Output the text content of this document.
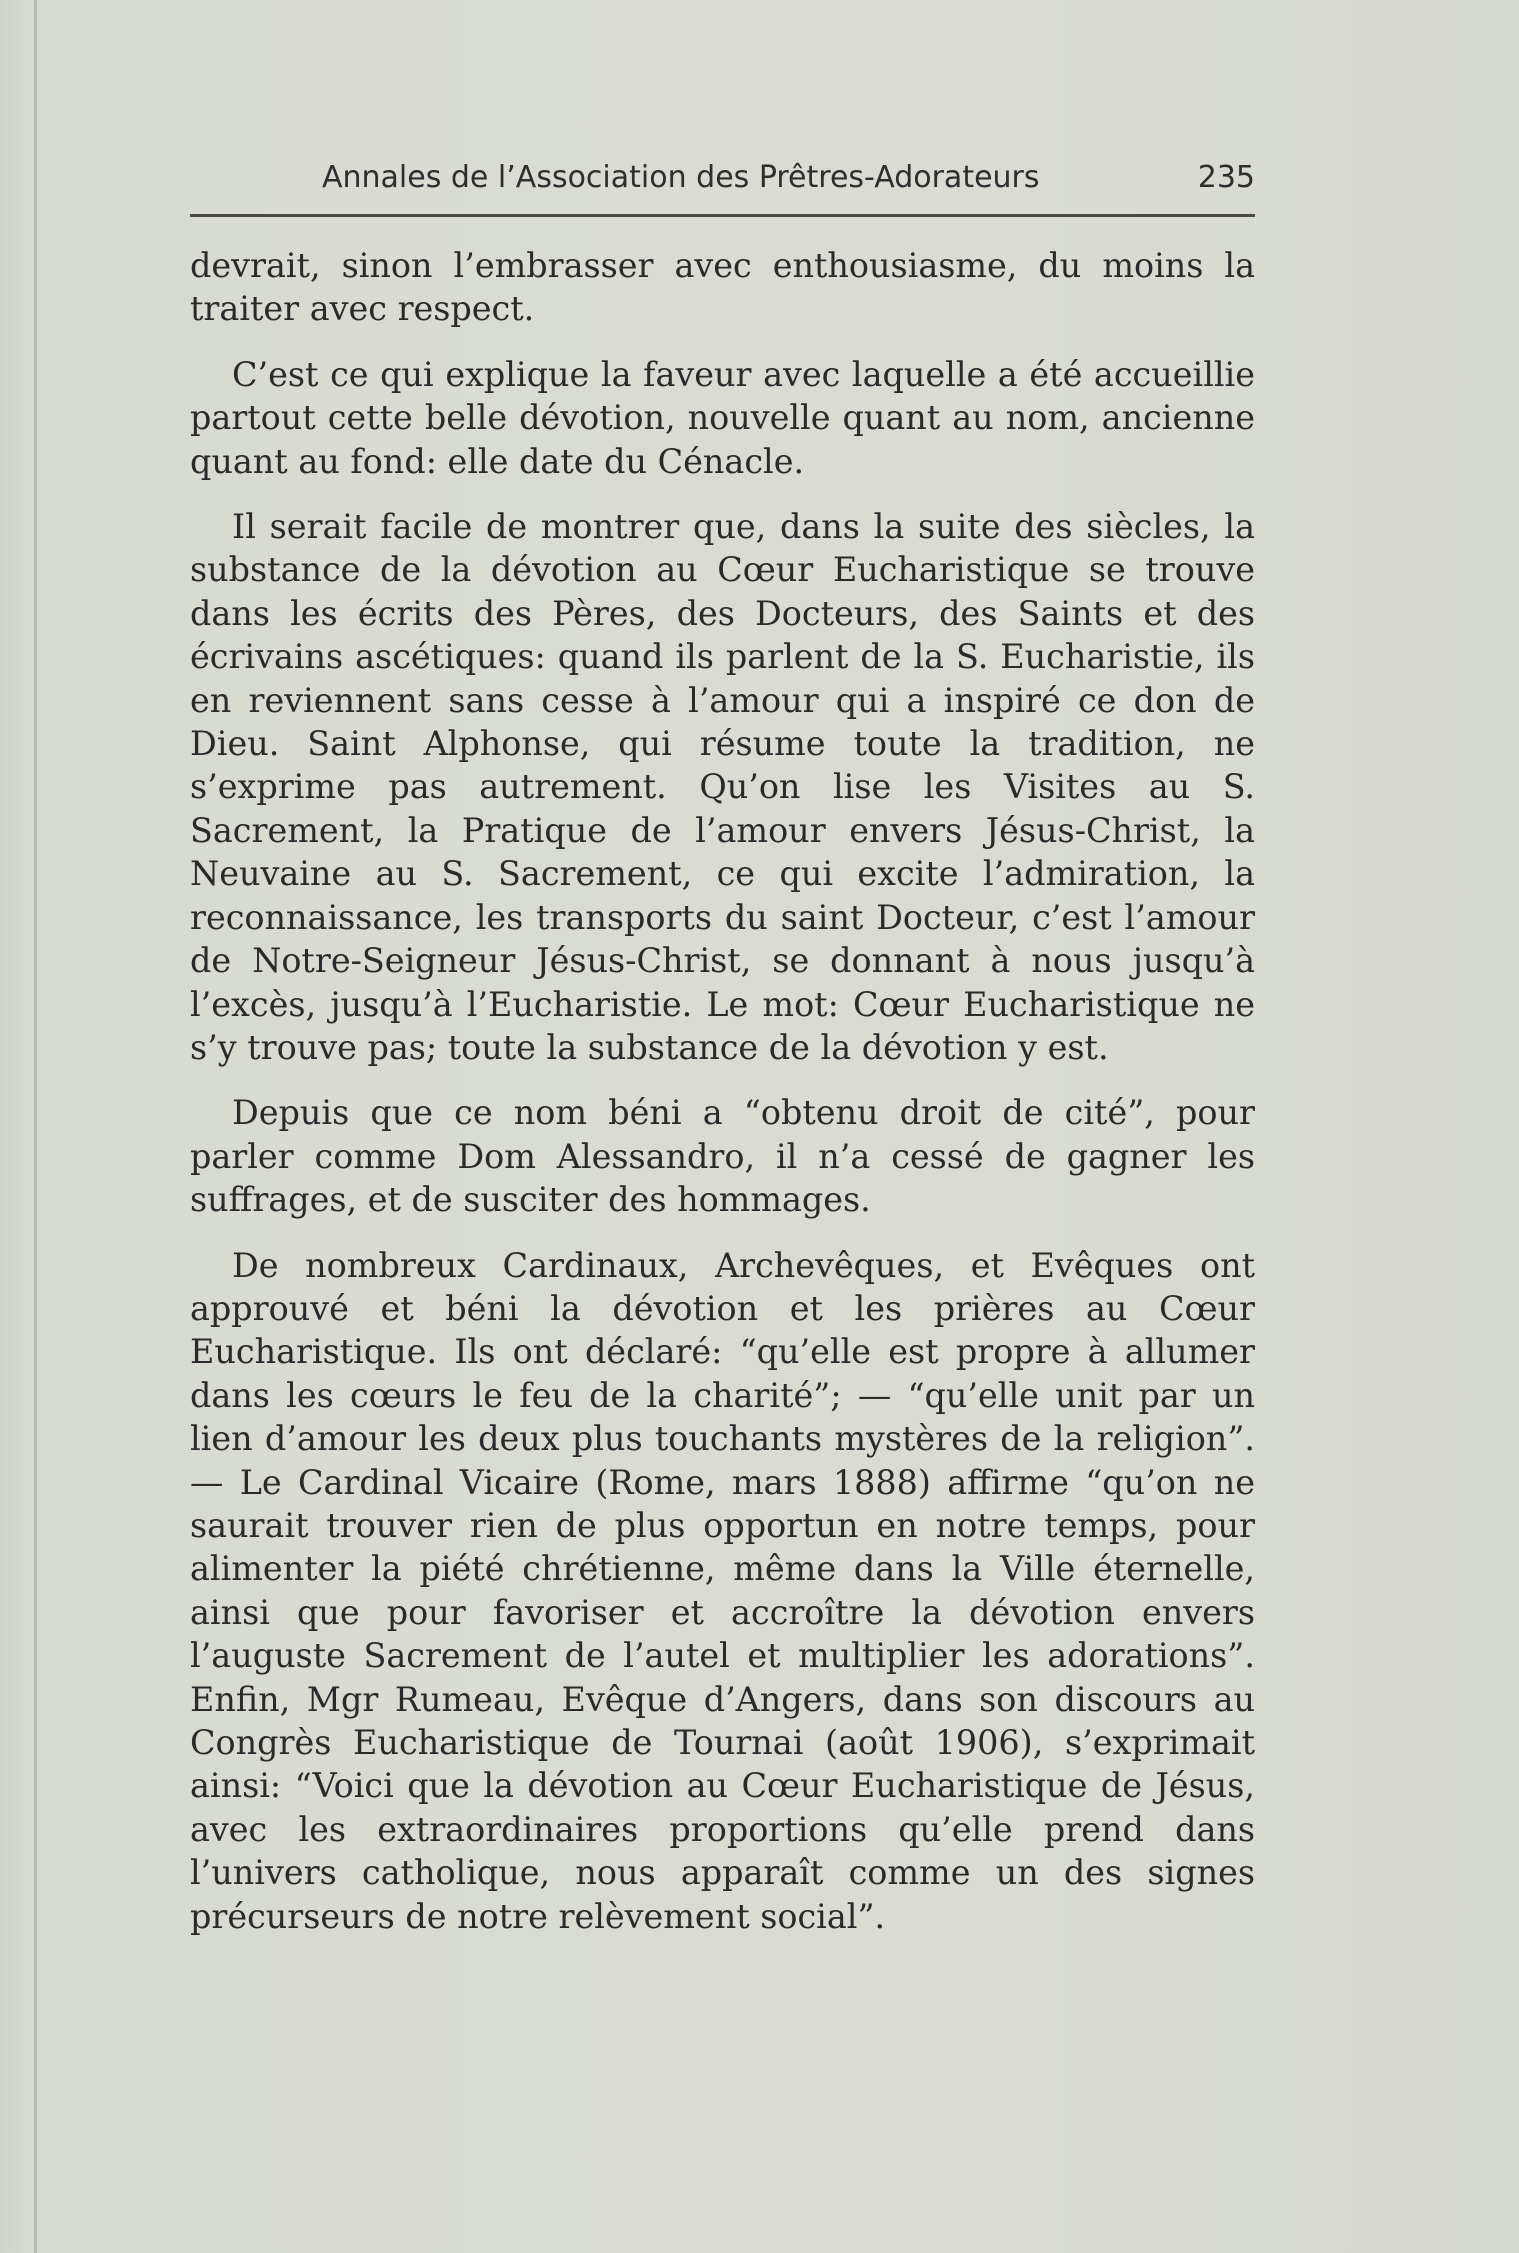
Annales de l’Association des Prêtres-Adorateurs	235

devrait, sinon l’embrasser avec enthousiasme, du moins la traiter avec respect.

C’est ce qui explique la faveur avec laquelle a été accueillie partout cette belle dévotion, nouvelle quant au nom, ancienne quant au fond: elle date du Cénacle.

Il serait facile de montrer que, dans la suite des siècles, la substance de la dévotion au Cœur Eucharistique se trouve dans les écrits des Pères, des Docteurs, des Saints et des écrivains ascétiques: quand ils parlent de la S. Eucharistie, ils en reviennent sans cesse à l’amour qui a inspiré ce don de Dieu. Saint Alphonse, qui résume toute la tradition, ne s’exprime pas autrement. Qu’on lise les Visites au S. Sacrement, la Pratique de l’amour envers Jésus-Christ, la Neuvaine au S. Sacrement, ce qui excite l’admiration, la reconnaissance, les transports du saint Docteur, c’est l’amour de Notre-Seigneur Jésus-Christ, se donnant à nous jusqu’à l’excès, jusqu’à l’Eucharistie. Le mot: Cœur Eucharistique ne s’y trouve pas; toute la substance de la dévotion y est.

Depuis que ce nom béni a “obtenu droit de cité”, pour parler comme Dom Alessandro, il n’a cessé de gagner les suffrages, et de susciter des hommages.

De nombreux Cardinaux, Archevêques, et Evêques ont approuvé et béni la dévotion et les prières au Cœur Eucharistique. Ils ont déclaré: “qu’elle est propre à allumer dans les cœurs le feu de la charité”; — “qu’elle unit par un lien d’amour les deux plus touchants mystères de la religion”. — Le Cardinal Vicaire (Rome, mars 1888) affirme “qu’on ne saurait trouver rien de plus opportun en notre temps, pour alimenter la piété chrétienne, même dans la Ville éternelle, ainsi que pour favoriser et accroître la dévotion envers l’auguste Sacrement de l’autel et multiplier les adorations”. Enfin, Mgr Rumeau, Evêque d’Angers, dans son discours au Congrès Eucharistique de Tournai (août 1906), s’exprimait ainsi: “Voici que la dévotion au Cœur Eucharistique de Jésus, avec les extraordinaires proportions qu’elle prend dans l’univers catholique, nous apparaît comme un des signes précurseurs de notre relèvement social”.
